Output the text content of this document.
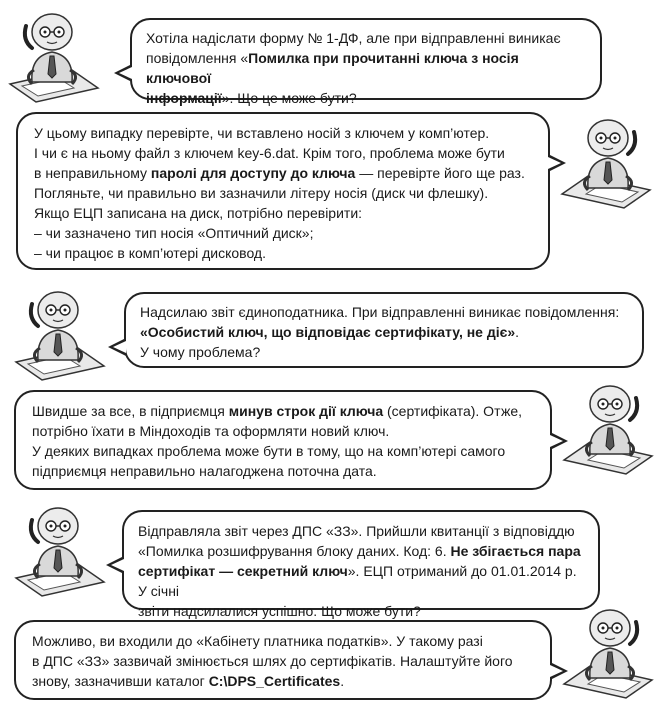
Хотіла надіслати форму № 1-ДФ, але при відправленні виникає

повідомлення «Помилка при прочитанні ключа з носія ключової

інформації». Що це може бути?

У цьому випадку перевірте, чи вставлено носій з ключем у комп’ютер.

І чи є на ньому файл з ключем key-6.dat. Крім того, проблема може бути

в неправильному паролі для доступу до ключа — перевірте його ще раз.

Погляньте, чи правильно ви зазначили літеру носія (диск чи флешку).

Якщо ЕЦП записана на диск, потрібно перевірити:

– чи зазначено тип носія «Оптичний диск»;

– чи працює в комп’ютері дисковод.

Надсилаю звіт єдиноподатника. При відправленні виникає повідомлення:

«Особистий ключ, що відповідає сертифікату, не діє».

У чому проблема?

Швидше за все, в підприємця минув строк дії ключа (сертифіката). Отже,

потрібно їхати в Міндоходів та оформляти новий ключ.

У деяких випадках проблема може бути в тому, що на комп’ютері самого

підприємця неправильно налагоджена поточна дата.

Відправляла звіт через ДПС «ЗЗ». Прийшли квитанції з відповіддю

«Помилка розшифрування блоку даних. Код: 6. Не збігається пара

сертифікат — секретний ключ». ЕЦП отриманий до 01.01.2014 р. У січні

звіти надсилалися успішно. Що може бути?

Можливо, ви входили до «Кабінету платника податків». У такому разі

в ДПС «ЗЗ» зазвичай змінюється шлях до сертифікатів. Налаштуйте його

знову, зазначивши каталог C:\DPS_Certificates.
